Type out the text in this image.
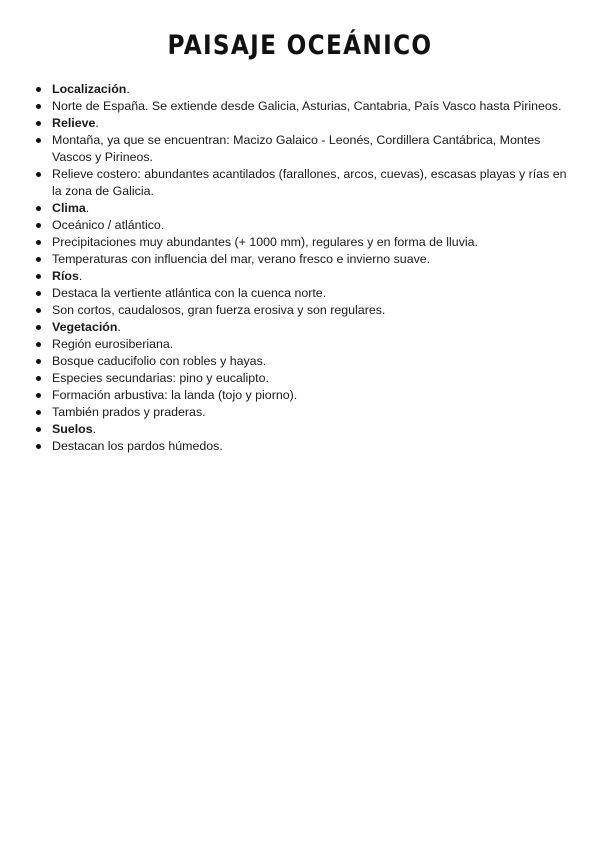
PAISAJE OCEÁNICO
Localización.
Norte de España. Se extiende desde Galicia, Asturias, Cantabria, País Vasco hasta Pirineos.
Relieve.
Montaña, ya que se encuentran: Macizo Galaico - Leonés, Cordillera Cantábrica, Montes Vascos y Pirineos.
Relieve costero: abundantes acantilados (farallones, arcos, cuevas), escasas playas y rías en la zona de Galicia.
Clima.
Oceánico / atlántico.
Precipitaciones muy abundantes (+ 1000 mm), regulares y en forma de lluvia.
Temperaturas con influencia del mar, verano fresco e invierno suave.
Ríos.
Destaca la vertiente atlántica con la cuenca norte.
Son cortos, caudalosos, gran fuerza erosiva y son regulares.
Vegetación.
Región eurosiberiana.
Bosque caducifolio con robles y hayas.
Especies secundarias: pino y eucalipto.
Formación arbustiva: la landa (tojo y piorno).
También prados y praderas.
Suelos.
Destacan los pardos húmedos.
